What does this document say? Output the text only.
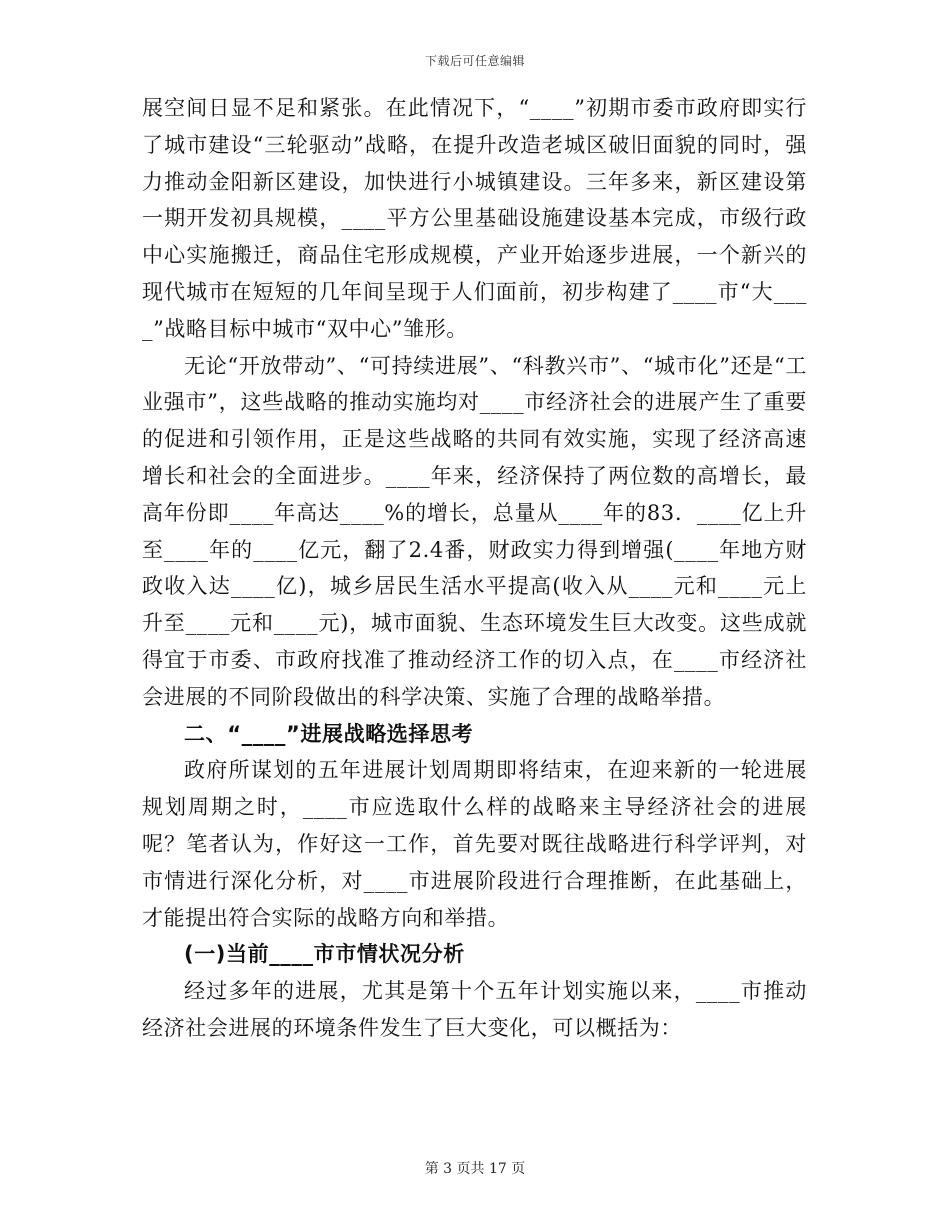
下载后可任意编辑

展空间日显不足和紧张。在此情况下，“____”初期市委市政府即实行了城市建设“三轮驱动”战略，在提升改造老城区破旧面貌的同时，强力推动金阳新区建设，加快进行小城镇建设。三年多来，新区建设第一期开发初具规模，____平方公里基础设施建设基本完成，市级行政中心实施搬迁，商品住宅形成规模，产业开始逐步进展，一个新兴的现代城市在短短的几年间呈现于人们面前，初步构建了____市“大____”战略目标中城市“双中心”雏形。

无论“开放带动”、“可持续进展”、“科教兴市”、“城市化”还是“工业强市”，这些战略的推动实施均对____市经济社会的进展产生了重要的促进和引领作用，正是这些战略的共同有效实施，实现了经济高速增长和社会的全面进步。____年来，经济保持了两位数的高增长，最高年份即____年高达____%的增长，总量从____年的83．____亿上升至____年的____亿元，翻了2.4番，财政实力得到增强(____年地方财政收入达____亿)，城乡居民生活水平提高(收入从____元和____元上升至____元和____元)，城市面貌、生态环境发生巨大改变。这些成就得宜于市委、市政府找准了推动经济工作的切入点，在____市经济社会进展的不同阶段做出的科学决策、实施了合理的战略举措。

二、“____”进展战略选择思考

政府所谋划的五年进展计划周期即将结束，在迎来新的一轮进展规划周期之时，____市应选取什么样的战略来主导经济社会的进展呢？笔者认为，作好这一工作，首先要对既往战略进行科学评判，对市情进行深化分析，对____市进展阶段进行合理推断，在此基础上，才能提出符合实际的战略方向和举措。

(一)当前____市市情状况分析

经过多年的进展，尤其是第十个五年计划实施以来，____市推动经济社会进展的环境条件发生了巨大变化，可以概括为：

第 3 页共 17 页
